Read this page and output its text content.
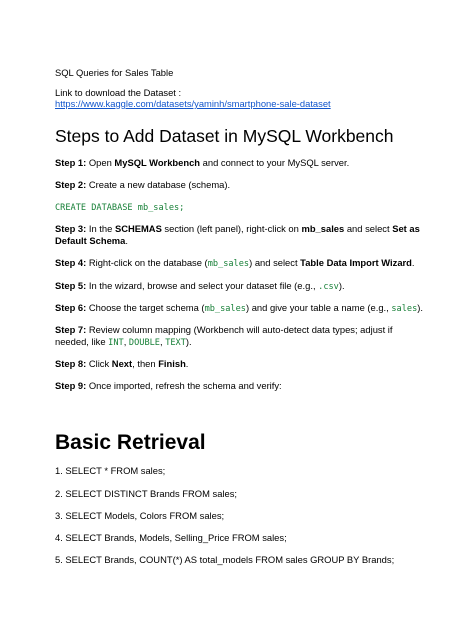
SQL Queries for Sales Table
Link to download the Dataset :
https://www.kaggle.com/datasets/yaminh/smartphone-sale-dataset
Steps to Add Dataset in MySQL Workbench
Step 1: Open MySQL Workbench and connect to your MySQL server.
Step 2: Create a new database (schema).
CREATE DATABASE mb_sales;
Step 3: In the SCHEMAS section (left panel), right-click on mb_sales and select Set as Default Schema.
Step 4: Right-click on the database (mb_sales) and select Table Data Import Wizard.
Step 5: In the wizard, browse and select your dataset file (e.g., .csv).
Step 6: Choose the target schema (mb_sales) and give your table a name (e.g., sales).
Step 7: Review column mapping (Workbench will auto-detect data types; adjust if needed, like INT, DOUBLE, TEXT).
Step 8: Click Next, then Finish.
Step 9: Once imported, refresh the schema and verify:
Basic Retrieval
1. SELECT * FROM sales;
2. SELECT DISTINCT Brands FROM sales;
3. SELECT Models, Colors FROM sales;
4. SELECT Brands, Models, Selling_Price FROM sales;
5. SELECT Brands, COUNT(*) AS total_models FROM sales GROUP BY Brands;
